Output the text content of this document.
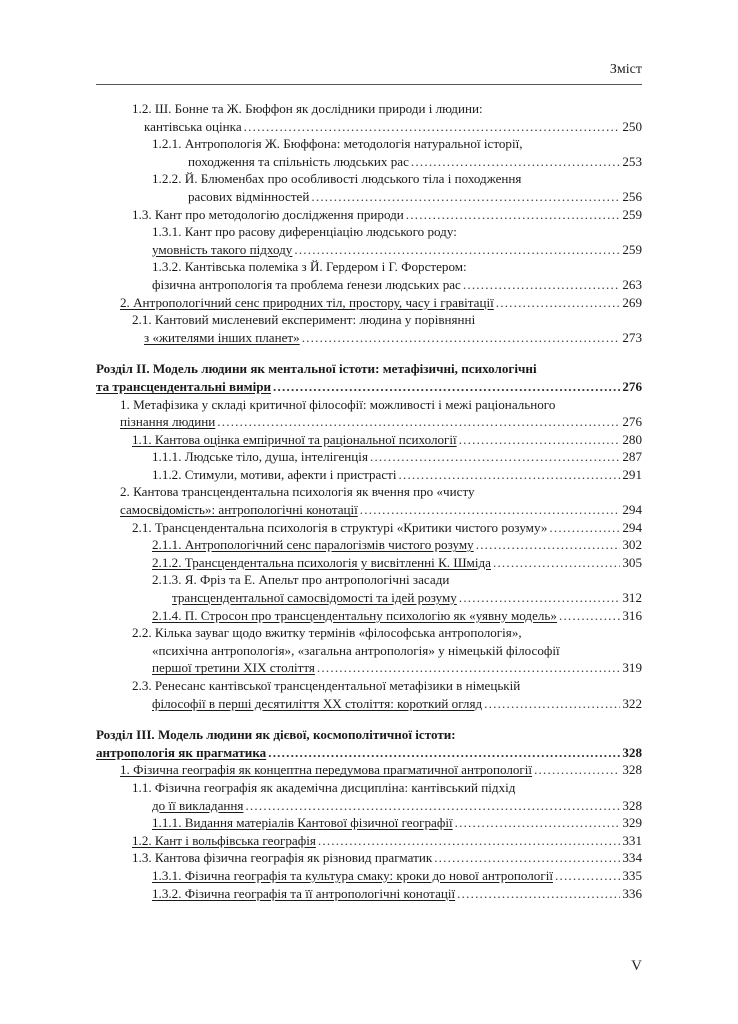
Зміст
1.2. Ш. Бонне та Ж. Бюффон як дослідники природи і людини:
кантівська оцінка .....	250
1.2.1. Антропологія Ж. Бюффона: методологія натуральної історії,
походження та спільність людських рас .....	253
1.2.2. Й. Блюменбах про особливості людського тіла і походження
расових відмінностей .....	256
1.3. Кант про методологію дослідження природи .....	259
1.3.1. Кант про расову диференціацію людського роду:
умовність такого підходу .....	259
1.3.2. Кантівська полеміка з Й. Гердером і Г. Форстером:
фізична антропологія та проблема ґенези людських рас .....	263
2. Антропологічний сенс природних тіл, простору, часу і гравітації .....	269
2.1. Кантовий мисленевий експеримент: людина у порівнянні
з «жителями інших планет» .....	273
Розділ II. Модель людини як ментальної істоти: метафізичні, психологічні
та трансцендентальні виміри .....	276
1. Метафізика у складі критичної філософії: можливості і межі раціонального
пізнання людини .....	276
1.1. Кантова оцінка емпіричної та раціональної психології .....	280
1.1.1. Людське тіло, душа, інтелігенція .....	287
1.1.2. Стимули, мотиви, афекти і пристрасті .....	291
2. Кантова трансцендентальна психологія як вчення про «чисту
самосвідомість»: антропологічні конотації .....	294
2.1. Трансцендентальна психологія в структурі «Критики чистого розуму» .....	294
2.1.1. Антропологічний сенс паралогізмів чистого розуму .....	302
2.1.2. Трансцендентальна психологія у висвітленні К. Шміда .....	305
2.1.3. Я. Фріз та Е. Апельт про антропологічні засади
трансцендентальної самосвідомості та ідей розуму .....	312
2.1.4. П. Стросон про трансцендентальну психологію як «уявну модель» .....	316
2.2. Кілька зауваг щодо вжитку термінів «філософська антропологія»,
«психічна антропологія», «загальна антропологія» у німецькій філософії
першої третини XIX століття .....	319
2.3. Ренесанс кантівської трансцендентальної метафізики в німецькій
філософії в перші десятиліття XX століття: короткий огляд .....	322
Розділ III. Модель людини як дієвої, космополітичної істоти:
антропологія як прагматика .....	328
1. Фізична географія як концептна передумова прагматичної антропології .....	328
1.1. Фізична географія як академічна дисципліна: кантівський підхід
до її викладання .....	328
1.1.1. Видання матеріалів Кантової фізичної географії .....	329
1.2. Кант і вольфівська географія .....	331
1.3. Кантова фізична географія як різновид прагматик .....	334
1.3.1. Фізична географія та культура смаку: кроки до нової антропології .....	335
1.3.2. Фізична географія та її антропологічні конотації .....	336
V
